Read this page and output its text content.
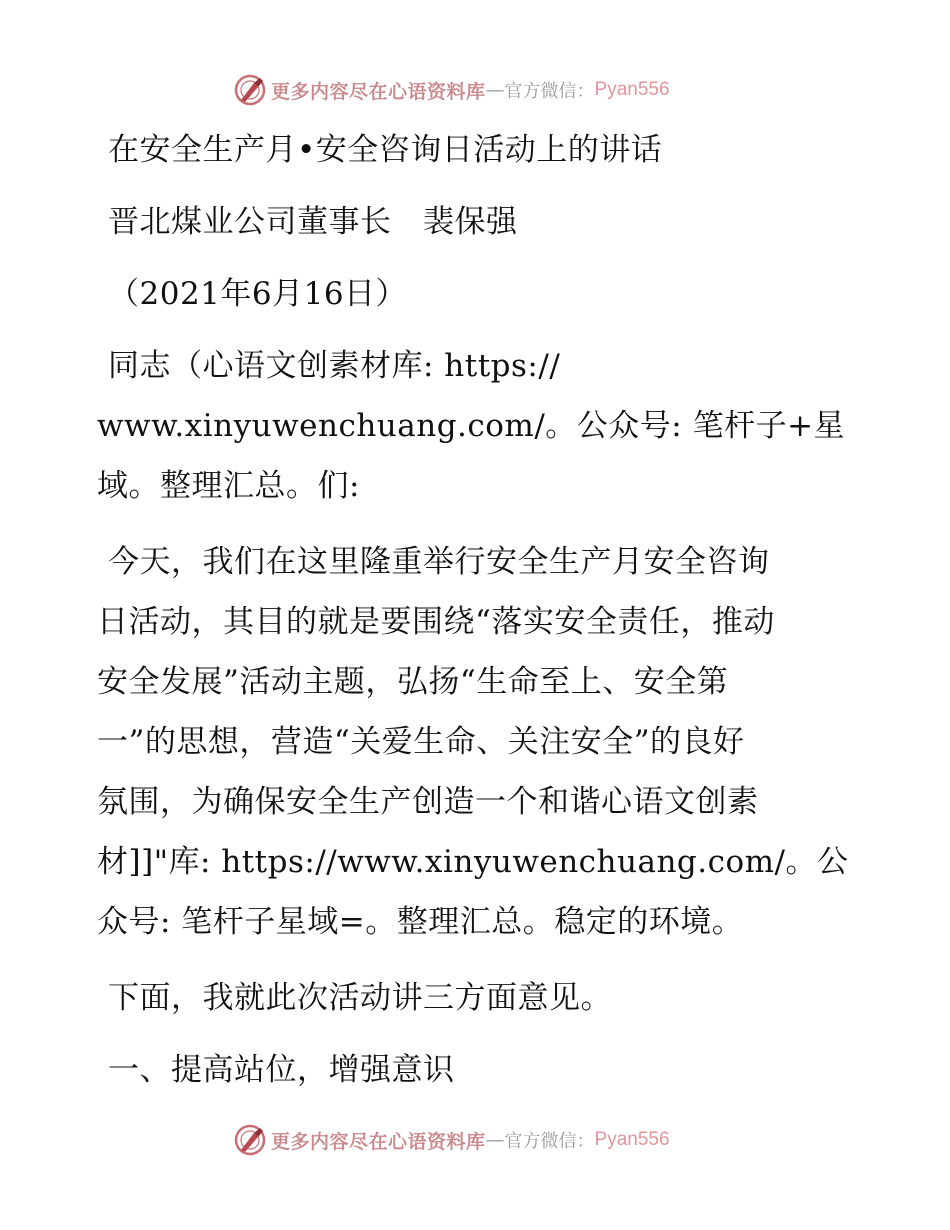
更多内容尽在心语资料库 — 官方微信： Pyan556
在安全生产月•安全咨询日活动上的讲话
晋北煤业公司董事长　裴保强
（2021年6月16日）
同志（心语文创素材库: https://
www.xinyuwenchuang.com/。公众号: 笔杆子+星
域。整理汇总。们:
今天，我们在这里隆重举行安全生产月安全咨询
日活动，其目的就是要围绕“落实安全责任，推动
安全发展”活动主题，弘扬“生命至上、安全第
一”的思想，营造“关爱生命、关注安全”的良好
氛围，为确保安全生产创造一个和谐心语文创素
材]]"库: https://www.xinyuwenchuang.com/。公
众号: 笔杆子星域=。整理汇总。稳定的环境。
下面，我就此次活动讲三方面意见。
一、提高站位，增强意识
更多内容尽在心语资料库 — 官方微信： Pyan556
